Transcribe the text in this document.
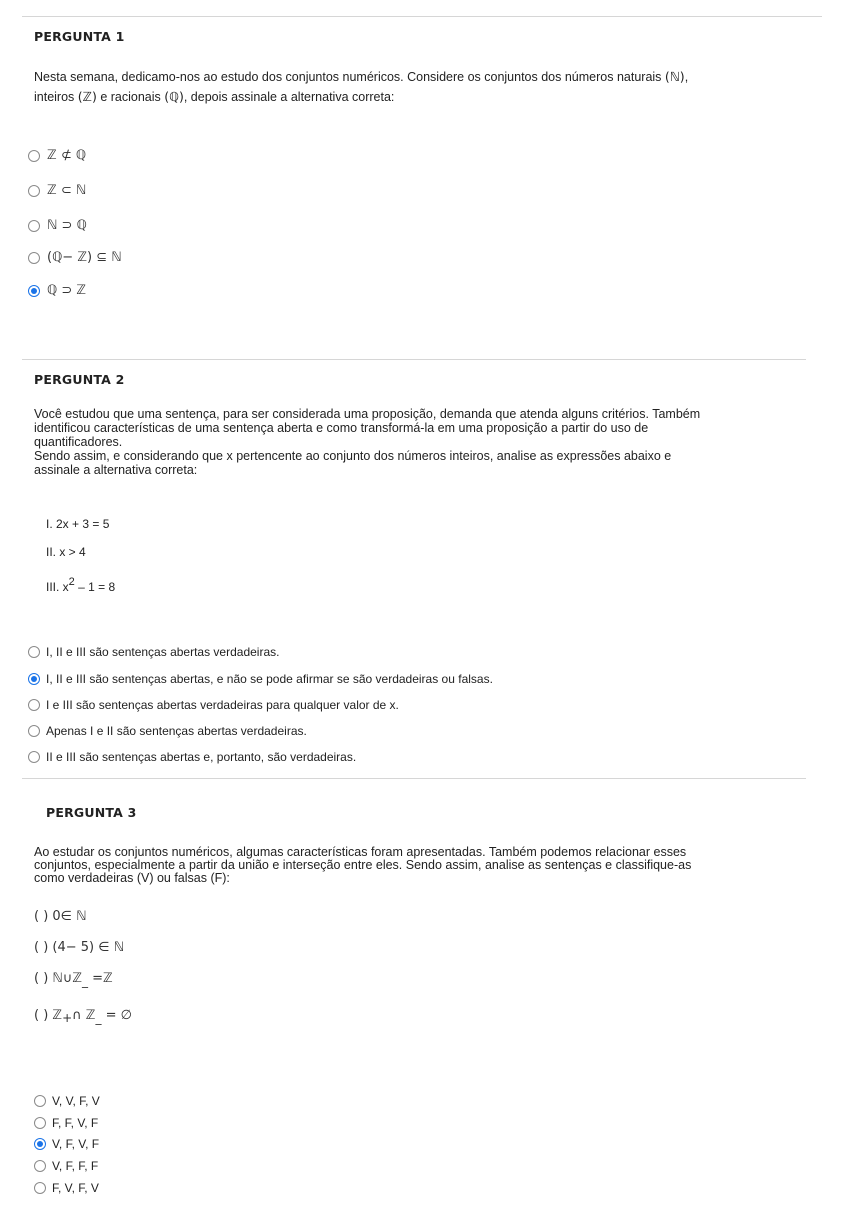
PERGUNTA 1

Nesta semana, dedicamo-nos ao estudo dos conjuntos numéricos. Considere os conjuntos dos números naturais (ℕ),

inteiros (ℤ) e racionais (ℚ), depois assinale a alternativa correta:

ℤ ⊄ ℚ
ℤ ⊂ ℕ
ℕ ⊃ ℚ
(ℚ− ℤ) ⊆ ℕ
ℚ ⊃ ℤ
PERGUNTA 2

Você estudou que uma sentença, para ser considerada uma proposição, demanda que atenda alguns critérios. Também

identificou características de uma sentença aberta e como transformá-la em uma proposição a partir do uso de

quantificadores.

Sendo assim, e considerando que x pertencente ao conjunto dos números inteiros, analise as expressões abaixo e

assinale a alternativa correta:

I. 2x + 3 = 5
II. x > 4
III. $x^2 - 1 = 8$
I, II e III são sentenças abertas verdadeiras.
I, II e III são sentenças abertas, e não se pode afirmar se são verdadeiras ou falsas.
I e III são sentenças abertas verdadeiras para qualquer valor de x.
Apenas I e II são sentenças abertas verdadeiras.
II e III são sentenças abertas e, portanto, são verdadeiras.
PERGUNTA 3

Ao estudar os conjuntos numéricos, algumas características foram apresentadas. Também podemos relacionar esses

conjuntos, especialmente a partir da união e interseção entre eles. Sendo assim, analise as sentenças e classifique-as

como verdadeiras (V) ou falsas (F):

( ) 0∈ ℕ
( ) (4− 5) ∈ ℕ
( ) ℕ∪ℤ$_{\_}$ =ℤ
( ) ℤ$_+$∩ ℤ$_{\_}$ = ∅
V, V, F, V
F, F, V, F
V, F, V, F
V, F, F, F
F, V, F, V
